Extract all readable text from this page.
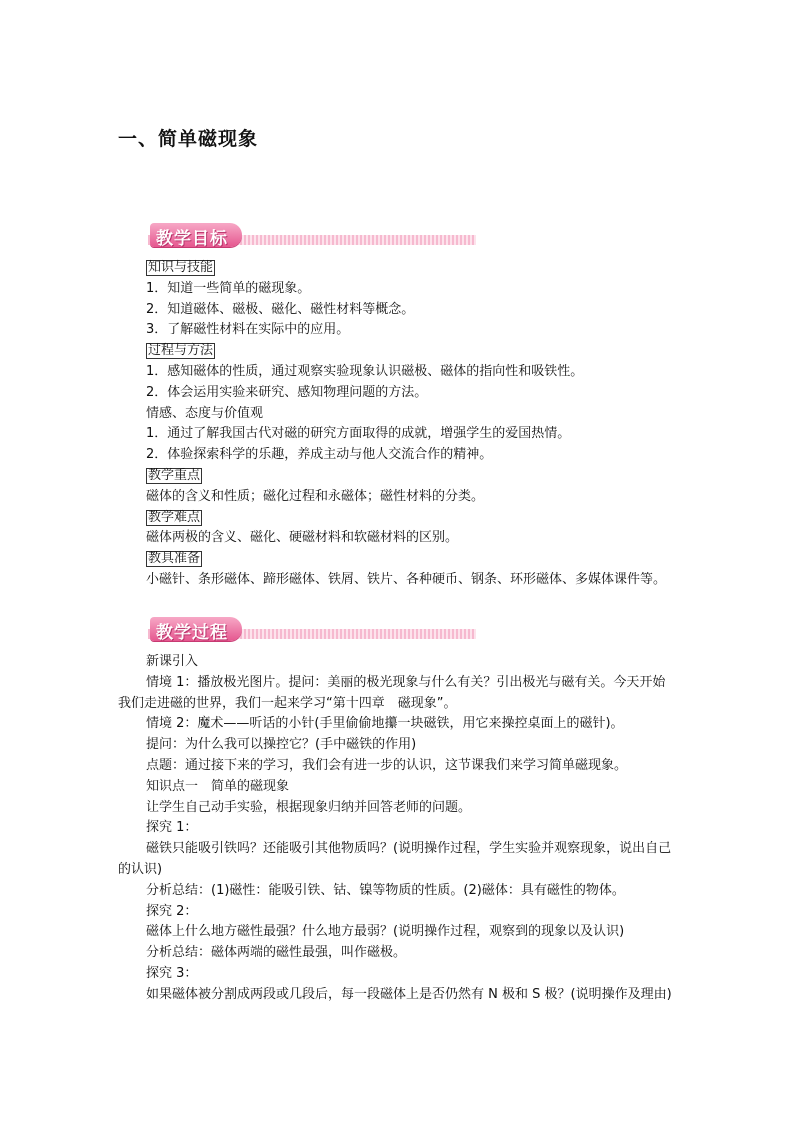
一、简单磁现象
教学目标

知识与技能

1．知道一些简单的磁现象。

2．知道磁体、磁极、磁化、磁性材料等概念。

3．了解磁性材料在实际中的应用。

过程与方法

1．感知磁体的性质，通过观察实验现象认识磁极、磁体的指向性和吸铁性。

2．体会运用实验来研究、感知物理问题的方法。

情感、态度与价值观

1．通过了解我国古代对磁的研究方面取得的成就，增强学生的爱国热情。

2．体验探索科学的乐趣，养成主动与他人交流合作的精神。

教学重点

磁体的含义和性质；磁化过程和永磁体；磁性材料的分类。

教学难点

磁体两极的含义、磁化、硬磁材料和软磁材料的区别。

教具准备

小磁针、条形磁体、蹄形磁体、铁屑、铁片、各种硬币、钢条、环形磁体、多媒体课件等。

教学过程

新课引入

情境 1：播放极光图片。提问：美丽的极光现象与什么有关？引出极光与磁有关。今天开始我们走进磁的世界，我们一起来学习“第十四章　磁现象”。

情境 2：魔术——听话的小针(手里偷偷地攥一块磁铁，用它来操控桌面上的磁针)。

提问：为什么我可以操控它？(手中磁铁的作用)

点题：通过接下来的学习，我们会有进一步的认识，这节课我们来学习简单磁现象。

知识点一　简单的磁现象

让学生自己动手实验，根据现象归纳并回答老师的问题。

探究 1：

磁铁只能吸引铁吗？还能吸引其他物质吗？(说明操作过程，学生实验并观察现象，说出自己的认识)

分析总结：(1)磁性：能吸引铁、钴、镍等物质的性质。(2)磁体：具有磁性的物体。

探究 2：

磁体上什么地方磁性最强？什么地方最弱？(说明操作过程，观察到的现象以及认识)

分析总结：磁体两端的磁性最强，叫作磁极。

探究 3：

如果磁体被分割成两段或几段后，每一段磁体上是否仍然有 N 极和 S 极？(说明操作及理由)
